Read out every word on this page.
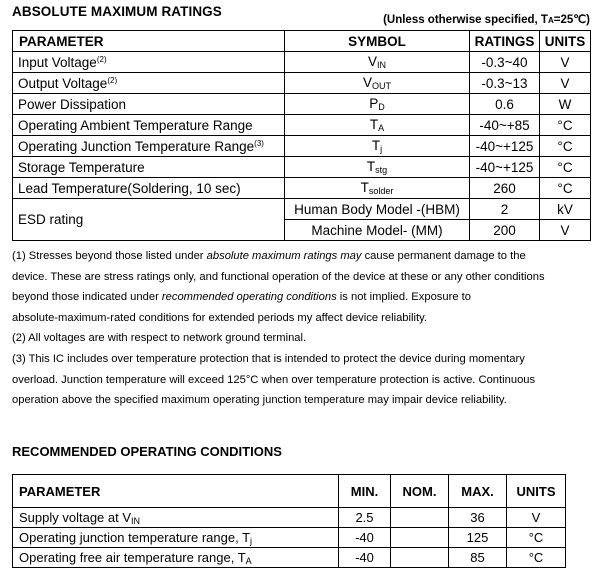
ABSOLUTE MAXIMUM RATINGS
(Unless otherwise specified, TA=25℃)
PARAMETER	SYMBOL	RATINGS	UNITS
Input Voltage$^{(2)}$	$V_{IN}$	-0.3~40	V
Output Voltage$^{(2)}$	$V_{OUT}$	-0.3~13	V
Power Dissipation	$P_D$	0.6	W
Operating Ambient Temperature Range	$T_A$	-40~+85	°C
Operating Junction Temperature Range$^{(3)}$	$T_j$	-40~+125	°C
Storage Temperature	$T_{stg}$	-40~+125	°C
Lead Temperature(Soldering, 10 sec)	$T_{solder}$	260	°C
ESD rating	Human Body Model -(HBM)	2	kV
	Machine Model- (MM)	200	V

(1) Stresses beyond those listed under absolute maximum ratings may cause permanent damage to the

device. These are stress ratings only, and functional operation of the device at these or any other conditions

beyond those indicated under recommended operating conditions is not implied. Exposure to

absolute-maximum-rated conditions for extended periods my affect device reliability.

(2) All voltages are with respect to network ground terminal.

(3) This IC includes over temperature protection that is intended to protect the device during momentary

overload. Junction temperature will exceed 125°C when over temperature protection is active. Continuous

operation above the specified maximum operating junction temperature may impair device reliability.

RECOMMENDED OPERATING CONDITIONS
PARAMETER	MIN.	NOM.	MAX.	UNITS
Supply voltage at $V_{IN}$	2.5		36	V
Operating junction temperature range, $T_j$	-40		125	°C
Operating free air temperature range, $T_A$	-40		85	°C
